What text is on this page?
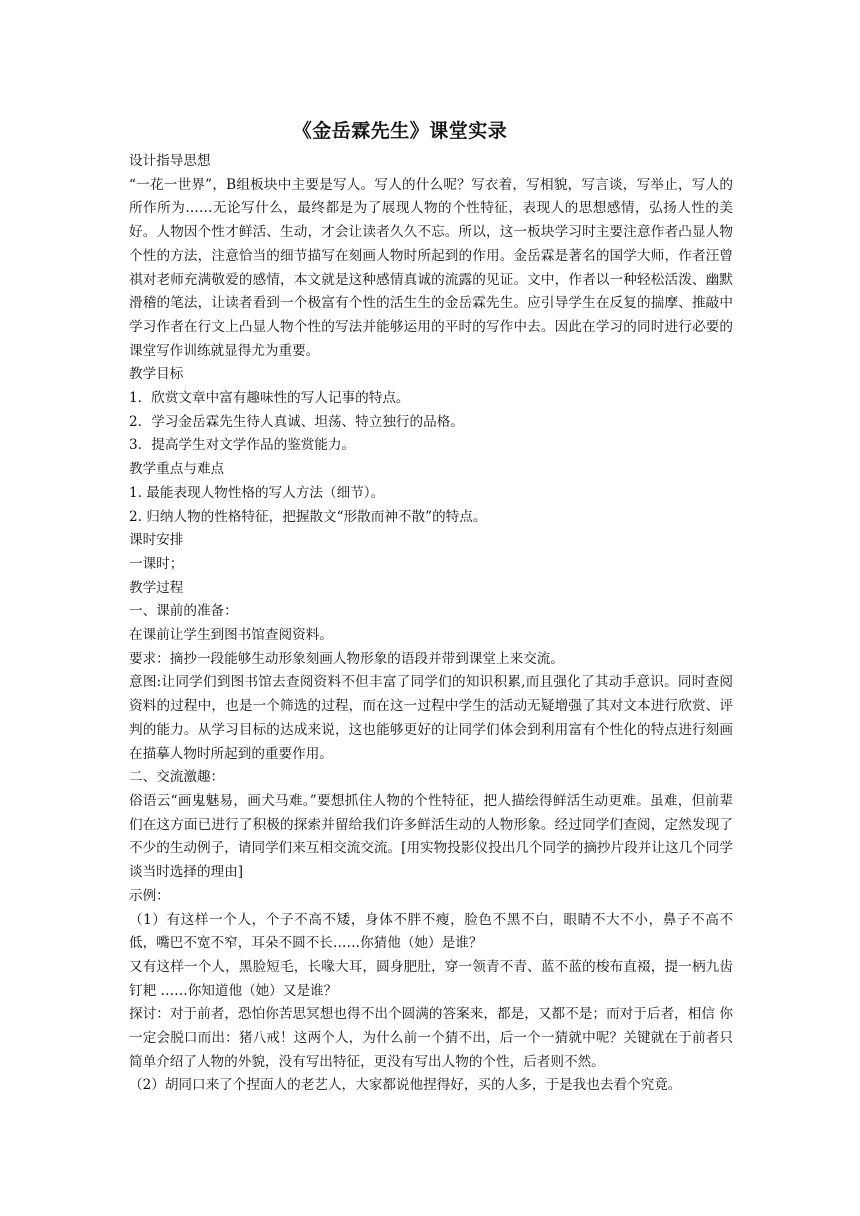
《金岳霖先生》课堂实录

设计指导思想

“一花一世界”，B组板块中主要是写人。写人的什么呢？写衣着，写相貌，写言谈，写举止，写人的所作所为……无论写什么，最终都是为了展现人物的个性特征，表现人的思想感情，弘扬人性的美好。人物因个性才鲜活、生动，才会让读者久久不忘。所以，这一板块学习时主要注意作者凸显人物个性的方法，注意恰当的细节描写在刻画人物时所起到的作用。金岳霖是著名的国学大师，作者汪曾祺对老师充满敬爱的感情，本文就是这种感情真诚的流露的见证。文中，作者以一种轻松活泼、幽默滑稽的笔法，让读者看到一个极富有个性的活生生的金岳霖先生。应引导学生在反复的揣摩、推敲中学习作者在行文上凸显人物个性的写法并能够运用的平时的写作中去。因此在学习的同时进行必要的课堂写作训练就显得尤为重要。

教学目标

1．欣赏文章中富有趣味性的写人记事的特点。

2．学习金岳霖先生待人真诚、坦荡、特立独行的品格。

3．提高学生对文学作品的鉴赏能力。

教学重点与难点

1. 最能表现人物性格的写人方法（细节）。

2. 归纳人物的性格特征，把握散文“形散而神不散”的特点。

课时安排

一课时；

教学过程

一、课前的准备：

在课前让学生到图书馆查阅资料。

要求：摘抄一段能够生动形象刻画人物形象的语段并带到课堂上来交流。

意图:让同学们到图书馆去查阅资料不但丰富了同学们的知识积累,而且强化了其动手意识。同时查阅资料的过程中，也是一个筛选的过程，而在这一过程中学生的活动无疑增强了其对文本进行欣赏、评判的能力。从学习目标的达成来说，这也能够更好的让同学们体会到利用富有个性化的特点进行刻画在描摹人物时所起到的重要作用。

二、交流激趣：

俗语云“画鬼魅易，画犬马难。”要想抓住人物的个性特征，把人描绘得鲜活生动更难。虽难，但前辈们在这方面已进行了积极的探索并留给我们许多鲜活生动的人物形象。经过同学们查阅，定然发现了不少的生动例子，请同学们来互相交流交流。[用实物投影仪投出几个同学的摘抄片段并让这几个同学谈当时选择的理由]

示例：

（1）有这样一个人，个子不高不矮，身体不胖不瘦，脸色不黑不白，眼睛不大不小，鼻子不高不低，嘴巴不宽不窄，耳朵不圆不长……你猜他（她）是谁？

又有这样一个人，黑脸短毛，长喙大耳，圆身肥肚，穿一领青不青、蓝不蓝的梭布直裰，提一柄九齿钉耙 ……你知道他（她）又是谁？

探讨：对于前者，恐怕你苦思冥想也得不出个圆满的答案来，都是，又都不是；而对于后者，相信 你一定会脱口而出：猪八戒！这两个人，为什么前一个猜不出，后一个一猜就中呢？关键就在于前者只简单介绍了人物的外貌，没有写出特征，更没有写出人物的个性，后者则不然。

（2）胡同口来了个捏面人的老艺人，大家都说他捏得好，买的人多，于是我也去看个究竟。
